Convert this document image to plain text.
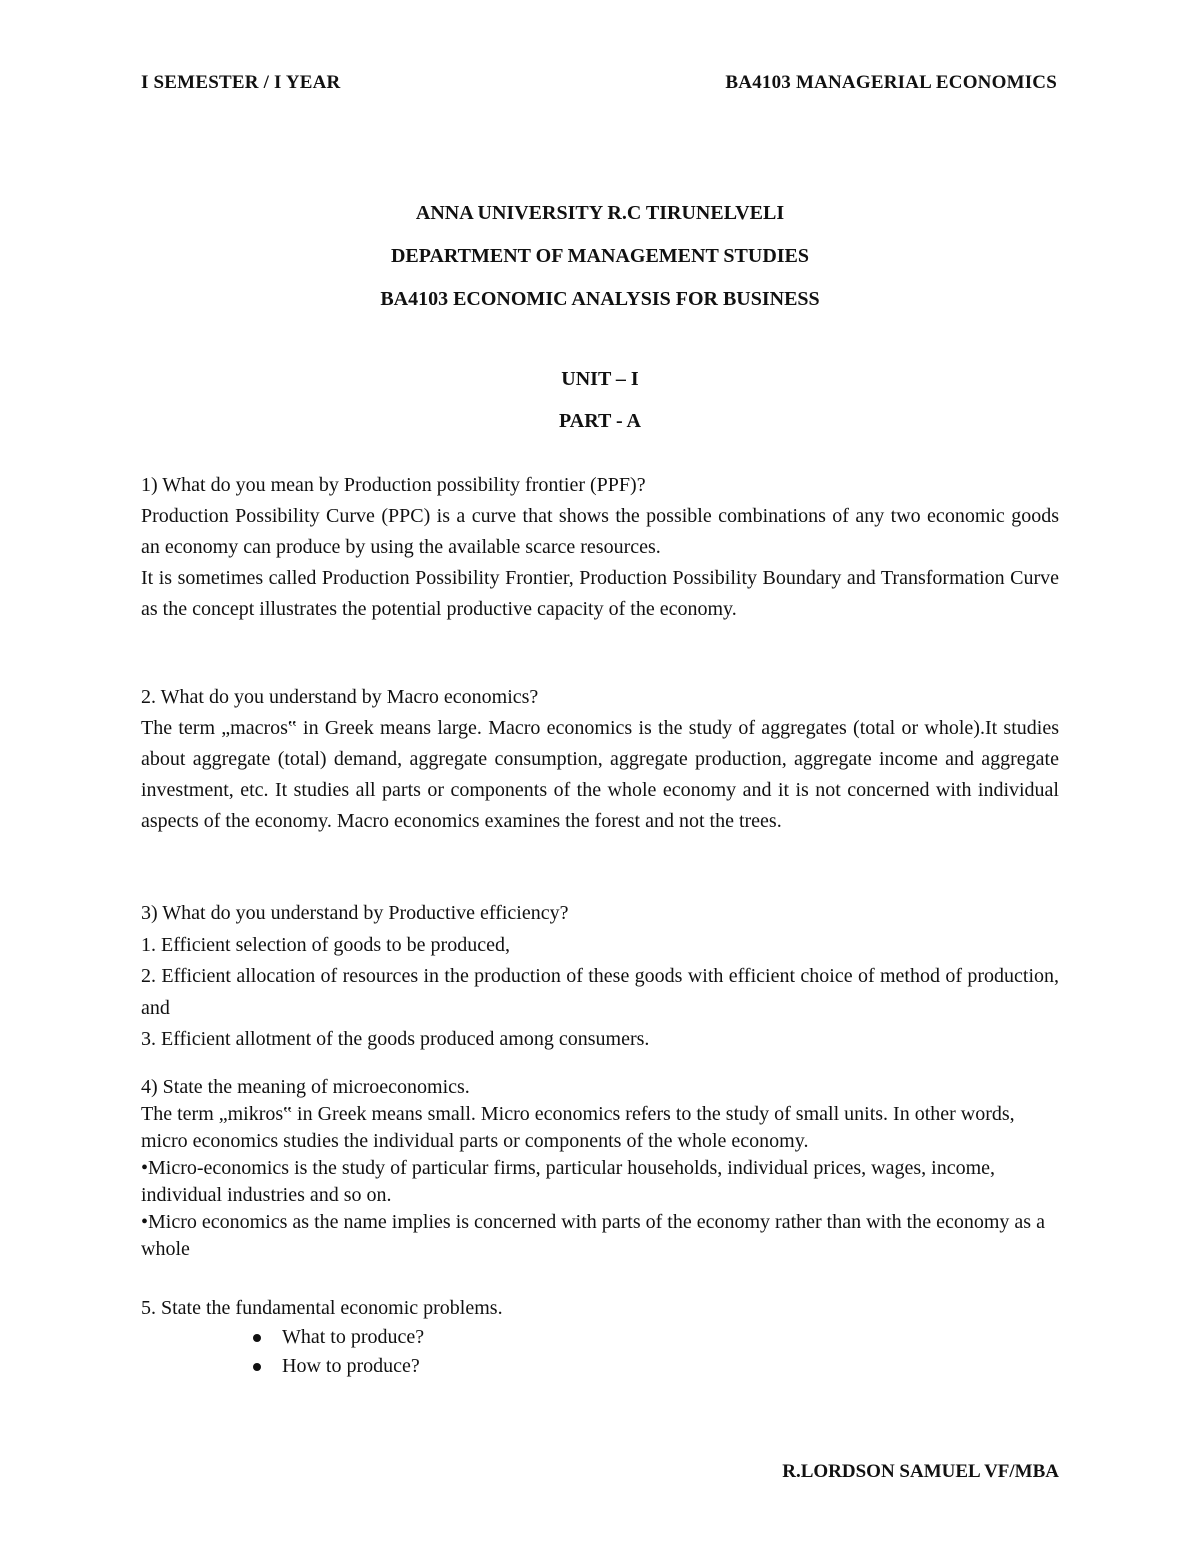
I SEMESTER / I YEAR	BA4103 MANAGERIAL ECONOMICS
ANNA UNIVERSITY R.C TIRUNELVELI
DEPARTMENT OF MANAGEMENT STUDIES
BA4103 ECONOMIC ANALYSIS FOR BUSINESS
UNIT – I
PART - A

1) What do you mean by Production possibility frontier (PPF)?

Production Possibility Curve (PPC) is a curve that shows the possible combinations of any two economic goods an economy can produce by using the available scarce resources.

It is sometimes called Production Possibility Frontier, Production Possibility Boundary and Transformation Curve as the concept illustrates the potential productive capacity of the economy.

2. What do you understand by Macro economics?

The term „macros‟ in Greek means large. Macro economics is the study of aggregates (total or whole).It studies about aggregate (total) demand, aggregate consumption, aggregate production, aggregate income and aggregate investment, etc. It studies all parts or components of the whole economy and it is not concerned with individual aspects of the economy. Macro economics examines the forest and not the trees.

3) What do you understand by Productive efficiency?

1. Efficient selection of goods to be produced,

2. Efficient allocation of resources in the production of these goods with efficient choice of method of production, and

3. Efficient allotment of the goods produced among consumers.

4) State the meaning of microeconomics.

The term „mikros‟ in Greek means small. Micro economics refers to the study of small units. In other words, micro economics studies the individual parts or components of the whole economy.

•Micro-economics is the study of particular firms, particular households, individual prices, wages, income, individual industries and so on.

•Micro economics as the name implies is concerned with parts of the economy rather than with the economy as a whole

5. State the fundamental economic problems.

What to produce?
How to produce?
R.LORDSON SAMUEL VF/MBA
